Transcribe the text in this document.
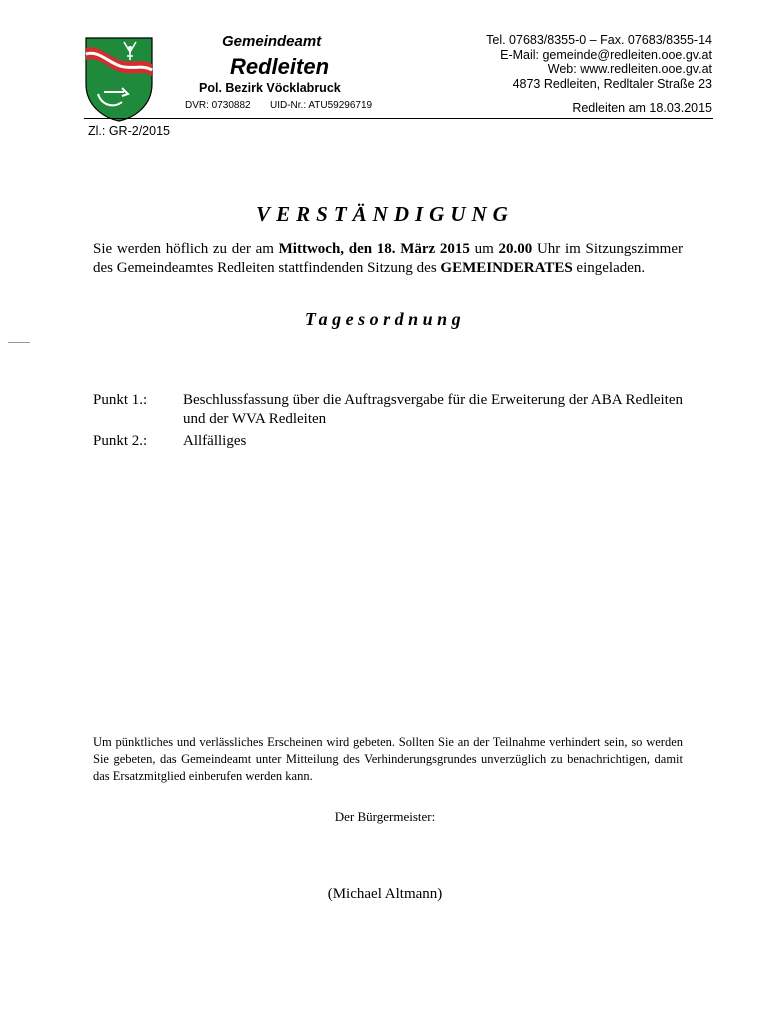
Gemeindeamt
Redleiten
Pol. Bezirk Vöcklabruck
DVR: 0730882 UID-Nr.: ATU59296719
Tel. 07683/8355-0 – Fax. 07683/8355-14
E-Mail: gemeinde@redleiten.ooe.gv.at
Web: www.redleiten.ooe.gv.at
4873 Redleiten, Redltaler Straße 23
Redleiten am 18.03.2015
Zl.: GR-2/2015
VERSTÄNDIGUNG
Sie werden höflich zu der am Mittwoch, den 18. März 2015 um 20.00 Uhr im Sitzungszimmer des Gemeindeamtes Redleiten stattfindenden Sitzung des GEMEINDERATES eingeladen.
Tagesordnung
Punkt 1.: Beschlussfassung über die Auftragsvergabe für die Erweiterung der ABA Redleiten und der WVA Redleiten
Punkt 2.: Allfälliges
Um pünktliches und verlässliches Erscheinen wird gebeten. Sollten Sie an der Teilnahme verhindert sein, so werden Sie gebeten, das Gemeindeamt unter Mitteilung des Verhinderungsgrundes unverzüglich zu benachrichtigen, damit das Ersatzmitglied einberufen werden kann.
Der Bürgermeister:
(Michael Altmann)
